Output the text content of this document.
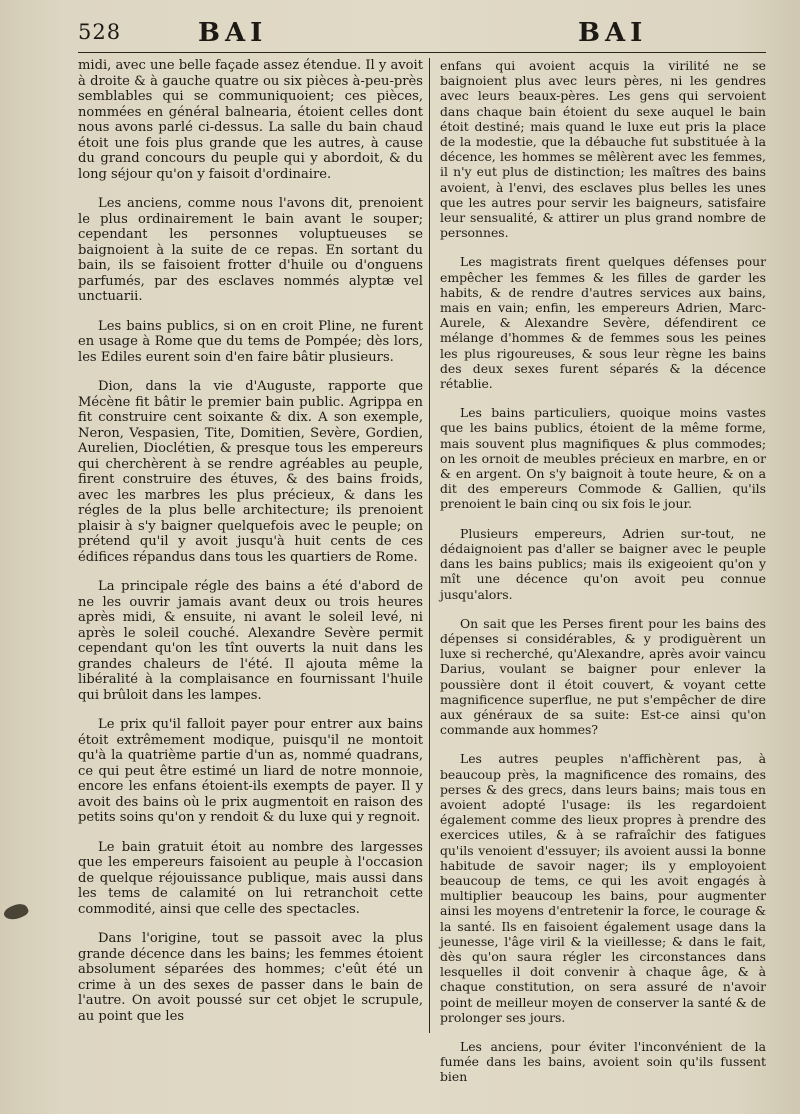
528	BAI	BAI

midi, avec une belle façade assez étendue. Il y avoit à droite & à gauche quatre ou six pièces à-peu-près semblables qui se communiquoient; ces pièces, nommées en général balnearia, étoient celles dont nous avons parlé ci-dessus. La salle du bain chaud étoit une fois plus grande que les autres, à cause du grand concours du peuple qui y abordoit, & du long séjour qu'on y faisoit d'ordinaire.

Les anciens, comme nous l'avons dit, prenoient le plus ordinairement le bain avant le souper; cependant les personnes voluptueuses se baignoient à la suite de ce repas. En sortant du bain, ils se faisoient frotter d'huile ou d'onguens parfumés, par des esclaves nommés alyptæ vel unctuarii.

Les bains publics, si on en croit Pline, ne furent en usage à Rome que du tems de Pompée; dès lors, les Ediles eurent soin d'en faire bâtir plusieurs.

Dion, dans la vie d'Auguste, rapporte que Mécène fit bâtir le premier bain public. Agrippa en fit construire cent soixante & dix. A son exemple, Neron, Vespasien, Tite, Domitien, Sevère, Gordien, Aurelien, Dioclétien, & presque tous les empereurs qui cherchèrent à se rendre agréables au peuple, firent construire des étuves, & des bains froids, avec les marbres les plus précieux, & dans les régles de la plus belle architecture; ils prenoient plaisir à s'y baigner quelquefois avec le peuple; on prétend qu'il y avoit jusqu'à huit cents de ces édifices répandus dans tous les quartiers de Rome.

La principale régle des bains a été d'abord de ne les ouvrir jamais avant deux ou trois heures après midi, & ensuite, ni avant le soleil levé, ni après le soleil couché. Alexandre Sevère permit cependant qu'on les tînt ouverts la nuit dans les grandes chaleurs de l'été. Il ajouta même la libéralité à la complaisance en fournissant l'huile qui brûloit dans les lampes.

Le prix qu'il falloit payer pour entrer aux bains étoit extrêmement modique, puisqu'il ne montoit qu'à la quatrième partie d'un as, nommé quadrans, ce qui peut être estimé un liard de notre monnoie, encore les enfans étoient-ils exempts de payer. Il y avoit des bains où le prix augmentoit en raison des petits soins qu'on y rendoit & du luxe qui y regnoit.

Le bain gratuit étoit au nombre des largesses que les empereurs faisoient au peuple à l'occasion de quelque réjouissance publique, mais aussi dans les tems de calamité on lui retranchoit cette commodité, ainsi que celle des spectacles.

Dans l'origine, tout se passoit avec la plus grande décence dans les bains; les femmes étoient absolument séparées des hommes; c'eût été un crime à un des sexes de passer dans le bain de l'autre. On avoit poussé sur cet objet le scrupule, au point que les

enfans qui avoient acquis la virilité ne se baignoient plus avec leurs pères, ni les gendres avec leurs beaux-pères. Les gens qui servoient dans chaque bain étoient du sexe auquel le bain étoit destiné; mais quand le luxe eut pris la place de la modestie, que la débauche fut substituée à la décence, les hommes se mêlèrent avec les femmes, il n'y eut plus de distinction; les maîtres des bains avoient, à l'envi, des esclaves plus belles les unes que les autres pour servir les baigneurs, satisfaire leur sensualité, & attirer un plus grand nombre de personnes.

Les magistrats firent quelques défenses pour empêcher les femmes & les filles de garder les habits, & de rendre d'autres services aux bains, mais en vain; enfin, les empereurs Adrien, Marc-Aurele, & Alexandre Sevère, défendirent ce mélange d'hommes & de femmes sous les peines les plus rigoureuses, & sous leur règne les bains des deux sexes furent séparés & la décence rétablie.

Les bains particuliers, quoique moins vastes que les bains publics, étoient de la même forme, mais souvent plus magnifiques & plus commodes; on les ornoit de meubles précieux en marbre, en or & en argent. On s'y baignoit à toute heure, & on a dit des empereurs Commode & Gallien, qu'ils prenoient le bain cinq ou six fois le jour.

Plusieurs empereurs, Adrien sur-tout, ne dédaignoient pas d'aller se baigner avec le peuple dans les bains publics; mais ils exigeoient qu'on y mît une décence qu'on avoit peu connue jusqu'alors.

On sait que les Perses firent pour les bains des dépenses si considérables, & y prodiguèrent un luxe si recherché, qu'Alexandre, après avoir vaincu Darius, voulant se baigner pour enlever la poussière dont il étoit couvert, & voyant cette magnificence superflue, ne put s'empêcher de dire aux généraux de sa suite: Est-ce ainsi qu'on commande aux hommes?

Les autres peuples n'affichèrent pas, à beaucoup près, la magnificence des romains, des perses & des grecs, dans leurs bains; mais tous en avoient adopté l'usage: ils les regardoient également comme des lieux propres à prendre des exercices utiles, & à se rafraîchir des fatigues qu'ils venoient d'essuyer; ils avoient aussi la bonne habitude de savoir nager; ils y employoient beaucoup de tems, ce qui les avoit engagés à multiplier beaucoup les bains, pour augmenter ainsi les moyens d'entretenir la force, le courage & la santé. Ils en faisoient également usage dans la jeunesse, l'âge viril & la vieillesse; & dans le fait, dès qu'on saura régler les circonstances dans lesquelles il doit convenir à chaque âge, & à chaque constitution, on sera assuré de n'avoir point de meilleur moyen de conserver la santé & de prolonger ses jours.

Les anciens, pour éviter l'inconvénient de la fumée dans les bains, avoient soin qu'ils fussent bien
